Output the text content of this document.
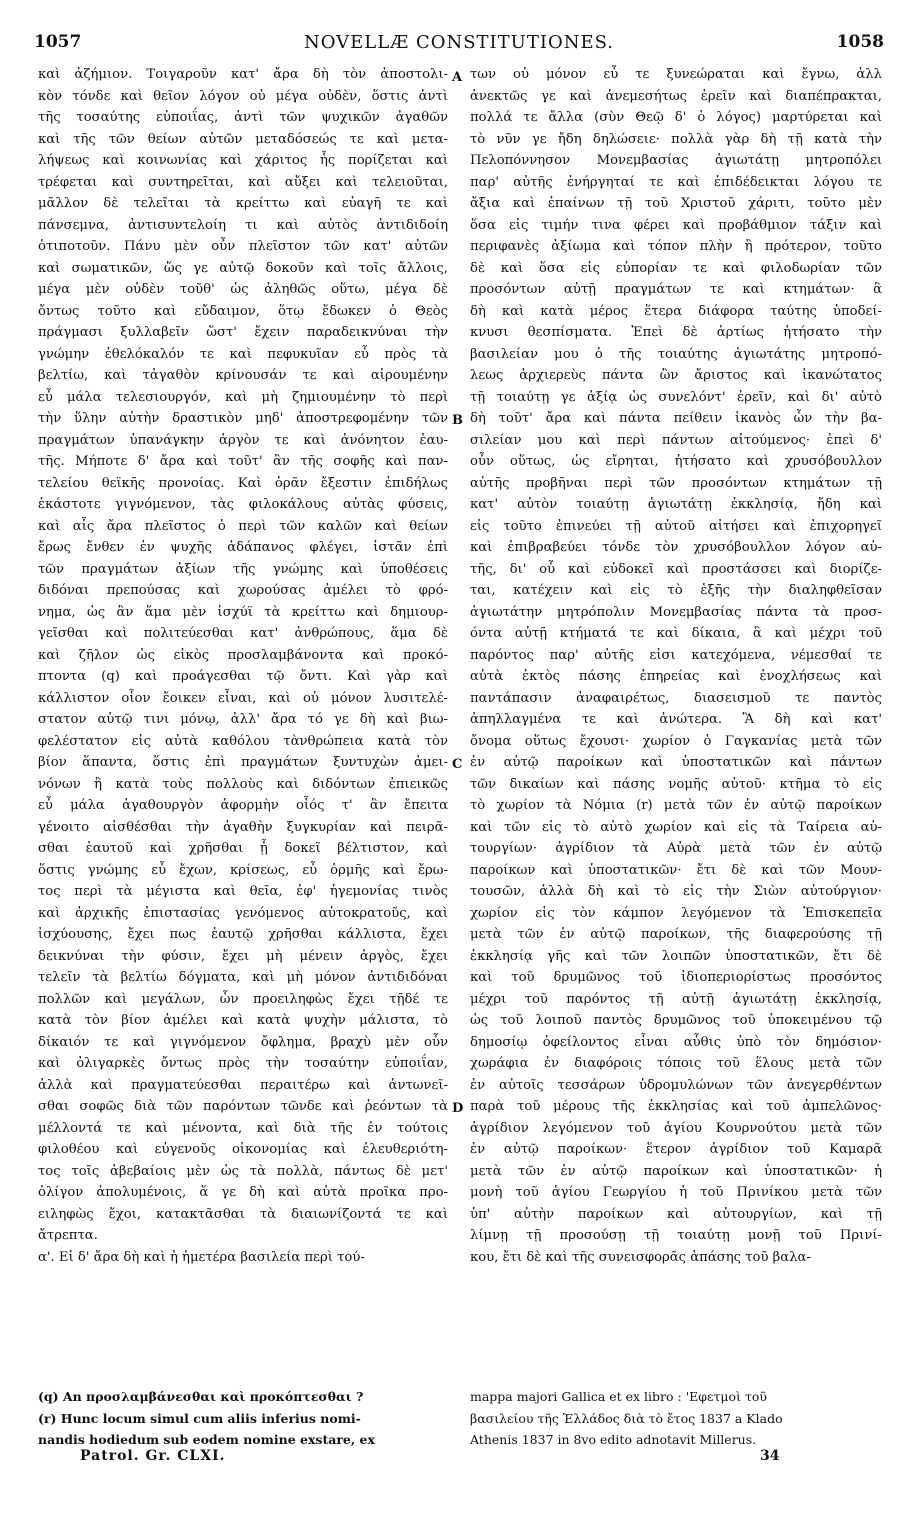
1057	NOVELLÆ CONSTITUTIONES.	1058
καὶ ἀζήμιον. Τοιγαροῦν κατ' ἄρα δὴ τὸν ἀποστολι-
κὸν τόνδε καὶ θεῖον λόγον οὐ μέγα οὐδὲν, ὅστις ἀντὶ
τῆς τοσαύτης εὐποιΐας, ἀντὶ τῶν ψυχικῶν ἀγαθῶν
καὶ τῆς τῶν θείων αὐτῶν μεταδόσεώς τε καὶ μετα-
λήψεως καὶ κοινωνίας καὶ χάριτος ἧς πορίζεται καὶ
τρέφεται καὶ συντηρεῖται, καὶ αὔξει καὶ τελειοῦται,
μᾶλλον δὲ τελεῖται τὰ κρείττω καὶ εὐαγῆ τε καὶ
πάνσεμνα, ἀντισυντελοίη τι καὶ αὐτὸς ἀντιδιδοίη
ὁτιποτοῦν. Πάνυ μὲν οὖν πλεῖστον τῶν κατ' αὐτῶν
καὶ σωματικῶν, ὥς γε αὐτῷ δοκοῦν καὶ τοῖς ἄλλοις,
μέγα μὲν οὐδὲν τοῦθ' ὡς ἀληθῶς οὕτω, μέγα δὲ
ὄντως τοῦτο καὶ εὔδαιμον, ὅτῳ ἔδωκεν ὁ Θεὸς
πράγμασι ξυλλαβεῖν ὥστ' ἔχειν παραδεικνύναι τὴν
γνώμην ἐθελόκαλόν τε καὶ πεφυκυῖαν εὖ πρὸς τὰ
βελτίω, καὶ τἀγαθὸν κρίνουσάν τε καὶ αἱρουμένην
εὖ μάλα τελεσιουργόν, καὶ μὴ ζημιουμένην τὸ περὶ
τὴν ὕλην αὐτὴν δραστικὸν μηδ' ἀποστρεφομένην τῶν
πραγμάτων ὑπανάγκην ἀργὸν τε καὶ ἀνόνητον ἑαυ-
τῆς. Μήποτε δ' ἄρα καὶ τοῦτ' ἂν τῆς σοφῆς καὶ παν-
τελείου θεϊκῆς προνοίας. Καὶ ὁρᾶν ἔξεστιν ἐπιδήλως
ἑκάστοτε γιγνόμενον, τὰς φιλοκάλους αὐτὰς φύσεις,
καὶ αἷς ἄρα πλεῖστος ὁ περὶ τῶν καλῶν καὶ θείων
ἔρως ἔνθεν ἐν ψυχῆς ἀδάπανος φλέγει, ἰστᾶν ἐπὶ
τῶν πραγμάτων ἀξίων τῆς γνώμης καὶ ὑποθέσεις
διδόναι πρεπούσας καὶ χωρούσας ἀμέλει τὸ φρό-
νημα, ὡς ἂν ἅμα μὲν ἰσχύϊ τὰ κρείττω καὶ δημιουρ-
γεῖσθαι καὶ πολιτεύεσθαι κατ' ἀνθρώπους, ἅμα δὲ
καὶ ζῆλον ὡς εἰκὸς προσλαμβάνοντα καὶ προκό-
πτοντα (q) καὶ προάγεσθαι τῷ ὄντι. Καὶ γὰρ καὶ
κάλλιστον οἷον ἔοικεν εἶναι, καὶ οὐ μόνον λυσιτελέ-
στατον αὐτῷ τινι μόνῳ, ἀλλ' ἄρα τό γε δὴ καὶ βιω-
φελέστατον εἰς αὐτὰ καθόλου τὰνθρώπεια κατὰ τὸν
βίον ἅπαντα, ὅστις ἐπὶ πραγμάτων ξυντυχὼν ἀμει-
νόνων ἢ κατὰ τοὺς πολλοὺς καὶ διδόντων ἐπιεικῶς
εὖ μάλα ἀγαθουργὸν ἀφορμὴν οἷός τ' ἂν ἔπειτα
γένοιτο αἰσθέσθαι τὴν ἀγαθὴν ξυγκυρίαν καὶ πειρᾶ-
σθαι ἑαυτοῦ καὶ χρῆσθαι ᾗ δοκεῖ βέλτιστον, καὶ
ὅστις γνώμης εὖ ἔχων, κρίσεως, εὖ ὁρμῆς καὶ ἔρω-
τος περὶ τὰ μέγιστα καὶ θεῖα, ἐφ' ἡγεμονίας τινὸς
καὶ ἀρχικῆς ἐπιστασίας γενόμενος αὐτοκρατοῦς, καὶ
ἰσχύουσης, ἔχει πως ἑαυτῷ χρῆσθαι κάλλιστα, ἔχει
δεικνύναι τὴν φύσιν, ἔχει μὴ μένειν ἀργὸς, ἔχει
τελεῖν τὰ βελτίω δόγματα, καὶ μὴ μόνον ἀντιδιδόναι
πολλῶν καὶ μεγάλων, ὧν προειληφὼς ἔχει τῇδέ τε
κατὰ τὸν βίον ἀμέλει καὶ κατὰ ψυχὴν μάλιστα, τὸ
δίκαιόν τε καὶ γιγνόμενον ὄφλημα, βραχὺ μὲν οὖν
καὶ ὀλιγαρκὲς ὄντως πρὸς τὴν τοσαύτην εὐποιΐαν,
ἀλλὰ καὶ πραγματεύεσθαι περαιτέρω καὶ ἀντωνεῖ-
σθαι σοφῶς διὰ τῶν παρόντων τῶνδε καὶ ῥεόντων τὰ
μέλλοντά τε καὶ μένοντα, καὶ διὰ τῆς ἐν τούτοις
φιλοθέου καὶ εὐγενοῦς οἰκονομίας καὶ ἐλευθεριότη-
τος τοῖς ἀβεβαίοις μὲν ὡς τὰ πολλὰ, πάντως δὲ μετ'
ὀλίγον ἀπολυμένοις, ἅ γε δὴ καὶ αὐτὰ προῖκα προ-
ειληφὼς ἔχοι, κατακτᾶσθαι τὰ διαιωνίζοντά τε καὶ
ἄτρεπτα.
α'. Εἰ δ' ἄρα δὴ καὶ ἡ ἡμετέρα βασιλεία περὶ τού-
των οὐ μόνον εὖ τε ξυνεώραται καὶ ἔγνω, ἀλλ
ἀνεκτῶς γε καὶ ἀνεμεσήτως ἐρεῖν καὶ διαπέπρακται,
πολλά τε ἄλλα (σὺν Θεῷ δ' ὁ λόγος) μαρτύρεται καὶ
τὸ νῦν γε ἤδη δηλώσειε· πολλὰ γὰρ δὴ τῇ κατὰ τὴν
Πελοπόννησον Μονεμβασίας ἁγιωτάτῃ μητροπόλει
παρ' αὐτῆς ἐνήργηταί τε καὶ ἐπιδέδεικται λόγου τε
ἄξια καὶ ἐπαίνων τῇ τοῦ Χριστοῦ χάριτι, τοῦτο μὲν
ὅσα εἰς τιμήν τινα φέρει καὶ προβάθμιον τάξιν καὶ
περιφανὲς ἀξίωμα καὶ τόπον πλὴν ἢ πρότερον, τοῦτο
δὲ καὶ ὅσα εἰς εὐπορίαν τε καὶ φιλοδωρίαν τῶν
προσόντων αὐτῇ πραγμάτων τε καὶ κτημάτων· ἃ
δὴ καὶ κατὰ μέρος ἕτερα διάφορα ταύτης ὑποδεί-
κνυσι θεσπίσματα. Ἐπεὶ δὲ ἀρτίως ἠτήσατο τὴν
βασιλείαν μου ὁ τῆς τοιαύτης ἁγιωτάτης μητροπό-
λεως ἀρχιερεὺς πάντα ὢν ἄριστος καὶ ἱκανώτατος
τῇ τοιαύτῃ γε ἀξίᾳ ὡς συνελόντ' ἐρεῖν, καὶ δι' αὐτὸ
δὴ τοῦτ' ἄρα καὶ πάντα πείθειν ἱκανὸς ὧν τὴν βα-
σιλείαν μου καὶ περὶ πάντων αἰτούμενος· ἐπεὶ δ'
οὖν οὕτως, ὡς εἴρηται, ἠτήσατο καὶ χρυσόβουλλον
αὐτῆς προβῆναι περὶ τῶν προσόντων κτημάτων τῇ
κατ' αὐτὸν τοιαύτῃ ἁγιωτάτῃ ἐκκλησίᾳ, ἤδη καὶ
εἰς τοῦτο ἐπινεύει τῇ αὐτοῦ αἰτήσει καὶ ἐπιχορηγεῖ
καὶ ἐπιβραβεύει τόνδε τὸν χρυσόβουλλον λόγον αὐ-
τῆς, δι' οὗ καὶ εὐδοκεῖ καὶ προστάσσει καὶ διορίζε-
ται, κατέχειν καὶ εἰς τὸ ἑξῆς τὴν διαληφθεῖσαν
ἁγιωτάτην μητρόπολιν Μονεμβασίας πάντα τὰ προσ-
όντα αὐτῇ κτήματά τε καὶ δίκαια, ἃ καὶ μέχρι τοῦ
παρόντος παρ' αὐτῆς εἰσι κατεχόμενα, νέμεσθαί τε
αὐτὰ ἐκτὸς πάσης ἐπηρείας καὶ ἐνοχλήσεως καὶ
παντάπασιν ἀναφαιρέτως, διασεισμοῦ τε παντὸς
ἀπηλλαγμένα τε καὶ ἀνώτερα. Ἃ δὴ καὶ κατ'
ὄνομα οὕτως ἔχουσι· χωρίον ὁ Γαγκανίας μετὰ τῶν
ἐν αὐτῷ παροίκων καὶ ὑποστατικῶν καὶ πάντων
τῶν δικαίων καὶ πάσης νομῆς αὐτοῦ· κτῆμα τὸ εἰς
τὸ χωρίον τὰ Νόμια (r) μετὰ τῶν ἐν αὐτῷ παροίκων
καὶ τῶν εἰς τὸ αὐτὸ χωρίον καὶ εἰς τὰ Ταίρεια αὐ-
τουργίων· ἀγρίδιον τὰ Αὐρὰ μετὰ τῶν ἐν αὐτῷ
παροίκων καὶ ὑποστατικῶν· ἔτι δὲ καὶ τῶν Μουν-
τουσῶν, ἀλλὰ δὴ καὶ τὸ εἰς τὴν Σιὼν αὐτούργιον·
χωρίον εἰς τὸν κάμπον λεγόμενον τὰ Ἐπισκεπεῖα
μετὰ τῶν ἐν αὐτῷ παροίκων, τῆς διαφερούσης τῇ
ἐκκλησίᾳ γῆς καὶ τῶν λοιπῶν ὑποστατικῶν, ἔτι δὲ
καὶ τοῦ δρυμῶνος τοῦ ἰδιοπεριορίστως προσόντος
μέχρι τοῦ παρόντος τῇ αὐτῇ ἁγιωτάτῃ ἐκκλησίᾳ,
ὡς τοῦ λοιποῦ παντὸς δρυμῶνος τοῦ ὑποκειμένου τῷ
δημοσίῳ ὀφείλοντος εἶναι αὖθις ὑπὸ τὸν δημόσιον·
χωράφια ἐν διαφόροις τόποις τοῦ ἕλους μετὰ τῶν
ἐν αὐτοῖς τεσσάρων ὑδρομυλώνων τῶν ἀνεγερθέντων
παρὰ τοῦ μέρους τῆς ἐκκλησίας καὶ τοῦ ἀμπελῶνος·
ἀγρίδιον λεγόμενον τοῦ ἁγίου Κουρνούτου μετὰ τῶν
ἐν αὐτῷ παροίκων· ἕτερον ἀγρίδιον τοῦ Καμαρᾶ
μετὰ τῶν ἐν αὐτῷ παροίκων καὶ ὑποστατικῶν· ἡ
μονὴ τοῦ ἁγίου Γεωργίου ἡ τοῦ Πρινίκου μετὰ τῶν
ὑπ' αὐτὴν παροίκων καὶ αὐτουργίων, καὶ τῇ
λίμνῃ τῇ προσούσῃ τῇ τοιαύτῃ μονῇ τοῦ Πρινί-
κου, ἔτι δὲ καὶ τῆς συνεισφορᾶς ἁπάσης τοῦ βαλα-
A
B
C
D
(q) An προσλαμβάνεσθαι καὶ προκόπτεσθαι ?
(r) Hunc locum simul cum aliis inferius nomi-
nandis hodiedum sub eodem nomine exstare, ex
mappa majori Gallica et ex libro : 'Εφετμοὶ τοῦ
βασιλείου τῆς Ἑλλάδος διὰ τὸ ἔτος 1837 a Klado
Athenis 1837 in 8vo edito adnotavit Millerus.
Patrol. Gr. CLXI.	34
